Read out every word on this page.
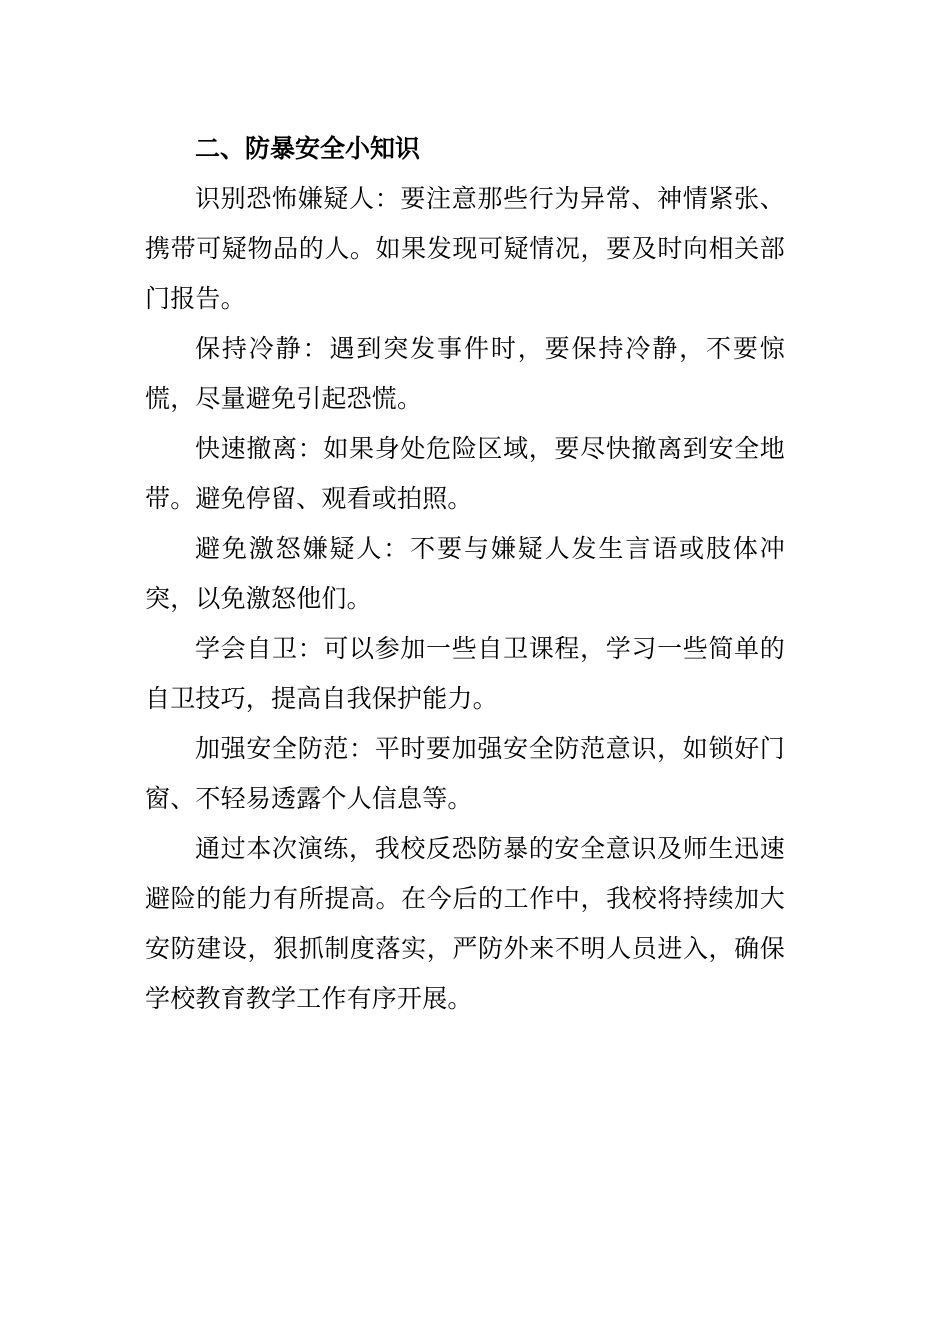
二、防暴安全小知识

识别恐怖嫌疑人：要注意那些行为异常、神情紧张、携带可疑物品的人。如果发现可疑情况，要及时向相关部门报告。

保持冷静：遇到突发事件时，要保持冷静，不要惊慌，尽量避免引起恐慌。

快速撤离：如果身处危险区域，要尽快撤离到安全地带。避免停留、观看或拍照。

避免激怒嫌疑人：不要与嫌疑人发生言语或肢体冲突，以免激怒他们。

学会自卫：可以参加一些自卫课程，学习一些简单的自卫技巧，提高自我保护能力。

加强安全防范：平时要加强安全防范意识，如锁好门窗、不轻易透露个人信息等。

通过本次演练，我校反恐防暴的安全意识及师生迅速避险的能力有所提高。在今后的工作中，我校将持续加大安防建设，狠抓制度落实，严防外来不明人员进入，确保学校教育教学工作有序开展。
